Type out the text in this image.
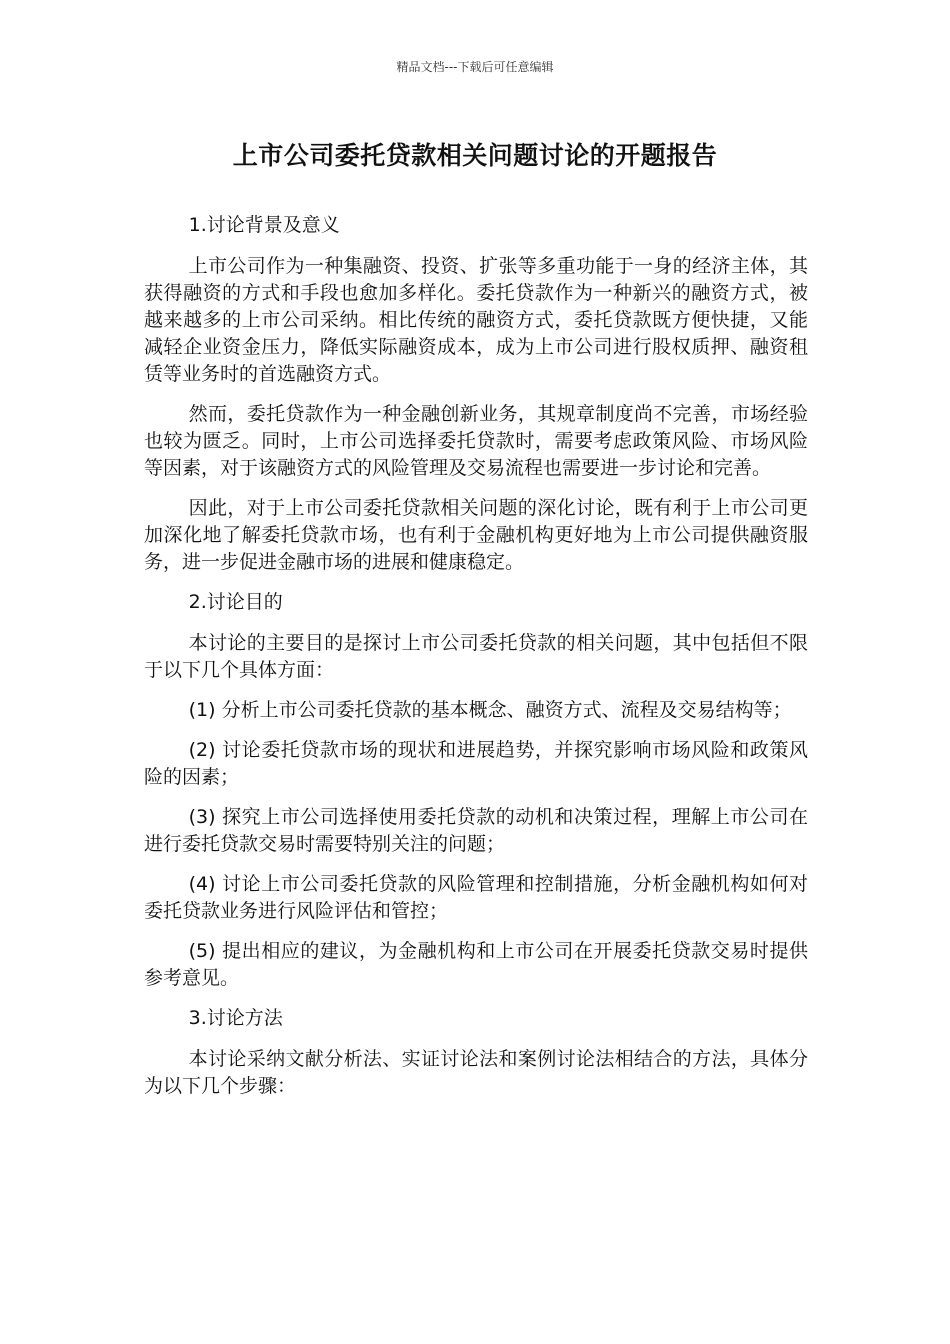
精品文档---下载后可任意编辑
上市公司委托贷款相关问题讨论的开题报告

1.讨论背景及意义

上市公司作为一种集融资、投资、扩张等多重功能于一身的经济主体，其获得融资的方式和手段也愈加多样化。委托贷款作为一种新兴的融资方式，被越来越多的上市公司采纳。相比传统的融资方式，委托贷款既方便快捷，又能减轻企业资金压力，降低实际融资成本，成为上市公司进行股权质押、融资租赁等业务时的首选融资方式。

然而，委托贷款作为一种金融创新业务，其规章制度尚不完善，市场经验也较为匮乏。同时，上市公司选择委托贷款时，需要考虑政策风险、市场风险等因素，对于该融资方式的风险管理及交易流程也需要进一步讨论和完善。

因此，对于上市公司委托贷款相关问题的深化讨论，既有利于上市公司更加深化地了解委托贷款市场，也有利于金融机构更好地为上市公司提供融资服务，进一步促进金融市场的进展和健康稳定。

2.讨论目的

本讨论的主要目的是探讨上市公司委托贷款的相关问题，其中包括但不限于以下几个具体方面：

(1) 分析上市公司委托贷款的基本概念、融资方式、流程及交易结构等；

(2) 讨论委托贷款市场的现状和进展趋势，并探究影响市场风险和政策风险的因素；

(3) 探究上市公司选择使用委托贷款的动机和决策过程，理解上市公司在进行委托贷款交易时需要特别关注的问题；

(4) 讨论上市公司委托贷款的风险管理和控制措施，分析金融机构如何对委托贷款业务进行风险评估和管控；

(5) 提出相应的建议，为金融机构和上市公司在开展委托贷款交易时提供参考意见。

3.讨论方法

本讨论采纳文献分析法、实证讨论法和案例讨论法相结合的方法，具体分为以下几个步骤：
